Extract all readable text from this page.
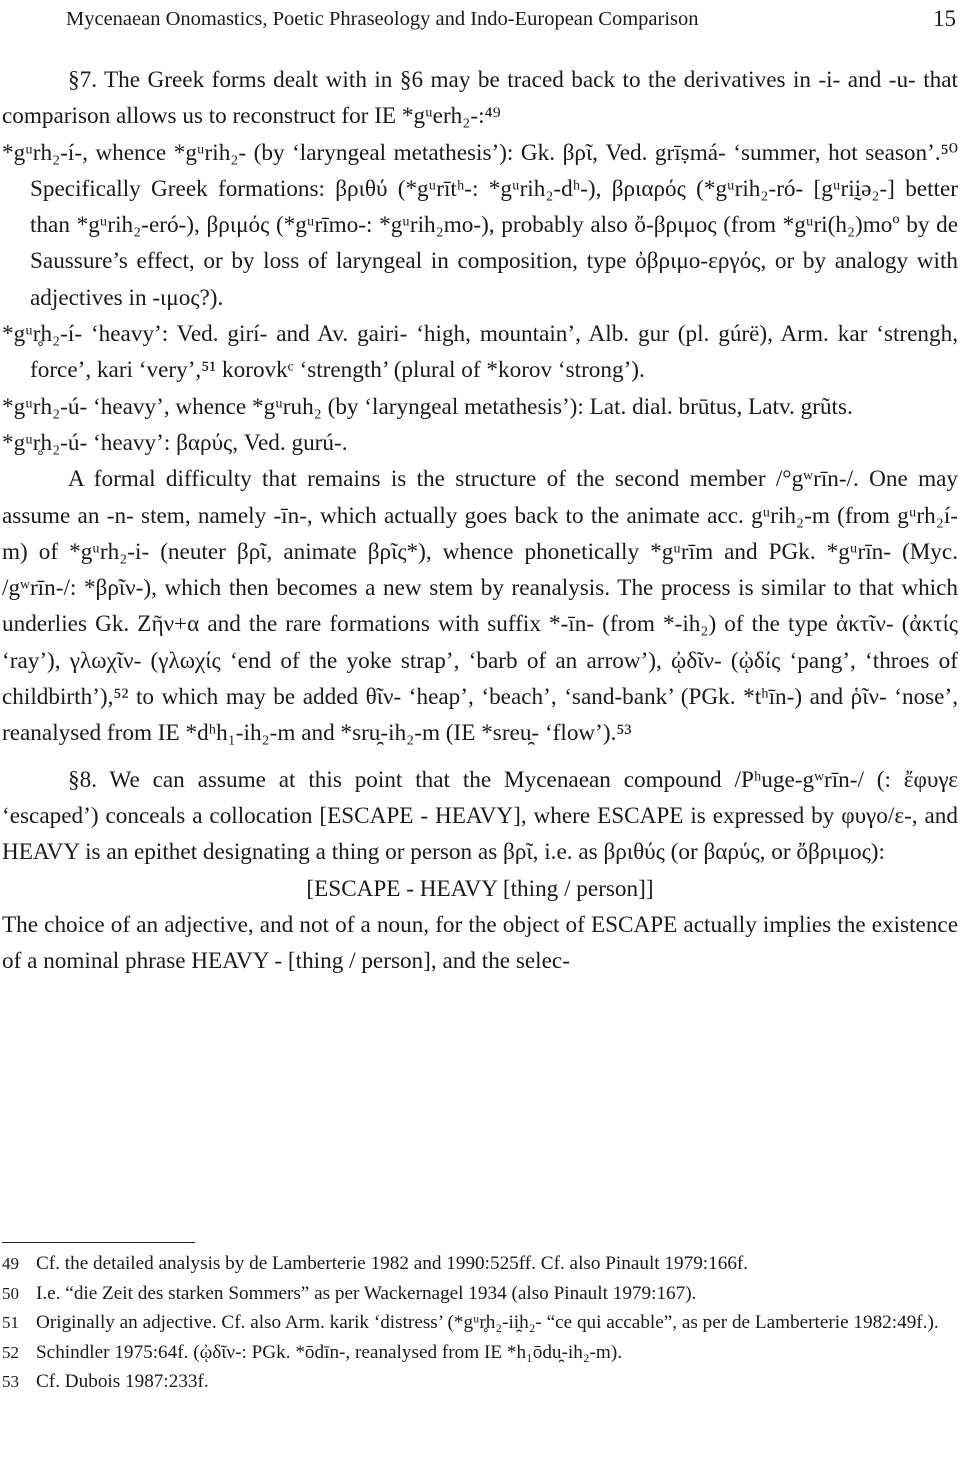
Mycenaean Onomastics, Poetic Phraseology and Indo-European Comparison	15

§7. The Greek forms dealt with in §6 may be traced back to the derivatives in -i- and -u- that comparison allows us to reconstruct for IE *gᵘerh₂-:⁴⁹

*gᵘrh₂-í-, whence *gᵘrih₂- (by ‘laryngeal metathesis’): Gk. βρῖ, Ved. grīṣmá- ‘summer, hot season’.⁵⁰ Specifically Greek formations: βριθύ (*gᵘrītʰ-: *gᵘrih₂-dʰ-), βριαρός (*gᵘrih₂-ró- [gᵘriḭə₂-] better than *gᵘrih₂-eró-), βριμός (*gᵘrīmo-: *gᵘrih₂mo-), probably also ὄ-βριμος (from *gᵘri(h₂)moº by de Saussure’s effect, or by loss of laryngeal in composition, type ὀβριμο-εργός, or by analogy with adjectives in -ιμος?).

*gᵘr̥h₂-í- ‘heavy’: Ved. girí- and Av. gairi- ‘high, mountain’, Alb. gur (pl. gúrë), Arm. kar ‘strengh, force’, kari ‘very’,⁵¹ korovkᶜ ‘strength’ (plural of *korov ‘strong’).

*gᵘrh₂-ú- ‘heavy’, whence *gᵘruh₂ (by ‘laryngeal metathesis’): Lat. dial. brūtus, Latv. grũts.

*gᵘr̥h₂-ú- ‘heavy’: βαρύς, Ved. gurú-.

A formal difficulty that remains is the structure of the second member /°gʷrīn-/. One may assume an -n- stem, namely -īn-, which actually goes back to the animate acc. gᵘrih₂-m (from gᵘrh₂í-m) of *gᵘrh₂-i- (neuter βρῖ, animate βρῖς*), whence phonetically *gᵘrīm and PGk. *gᵘrīn- (Myc. /gʷrīn-/: *βρῖν-), which then becomes a new stem by reanalysis. The process is similar to that which underlies Gk. Ζῆν+α and the rare formations with suffix *-īn- (from *-ih₂) of the type ἀκτῖν- (ἀκτίς ‘ray’), γλωχῖν- (γλωχίς ‘end of the yoke strap’, ‘barb of an arrow’), ᾠδῖν- (ᾠδίς ‘pang’, ‘throes of childbirth’),⁵² to which may be added θῖν- ‘heap’, ‘beach’, ‘sand-bank’ (PGk. *tʰīn-) and ῥῖν- ‘nose’, reanalysed from IE *dʰh₁-ih₂-m and *sru̯-ih₂-m (IE *sreu̯- ‘flow’).⁵³

§8. We can assume at this point that the Mycenaean compound /Pʰuge-gʷrīn-/ (: ἔφυγε ‘escaped’) conceals a collocation [ESCAPE - HEAVY], where ESCAPE is expressed by φυγο/ε-, and HEAVY is an epithet designating a thing or person as βρῖ, i.e. as βριθύς (or βαρύς, or ὄβριμος):

[ESCAPE - HEAVY [thing / person]]

The choice of an adjective, and not of a noun, for the object of ESCAPE actually implies the existence of a nominal phrase HEAVY - [thing / person], and the selec-

49 Cf. the detailed analysis by de Lamberterie 1982 and 1990:525ff. Cf. also Pinault 1979:166f.

50 I.e. “die Zeit des starken Sommers” as per Wackernagel 1934 (also Pinault 1979:167).

51 Originally an adjective. Cf. also Arm. karik ‘distress’ (*gᵘr̥h₂-ii̯h₂- “ce qui accable”, as per de Lamberterie 1982:49f.).

52 Schindler 1975:64f. (ᾠδῖν-: PGk. *ōdīn-, reanalysed from IE *h₁ōdu̯-ih₂-m).

53 Cf. Dubois 1987:233f.
